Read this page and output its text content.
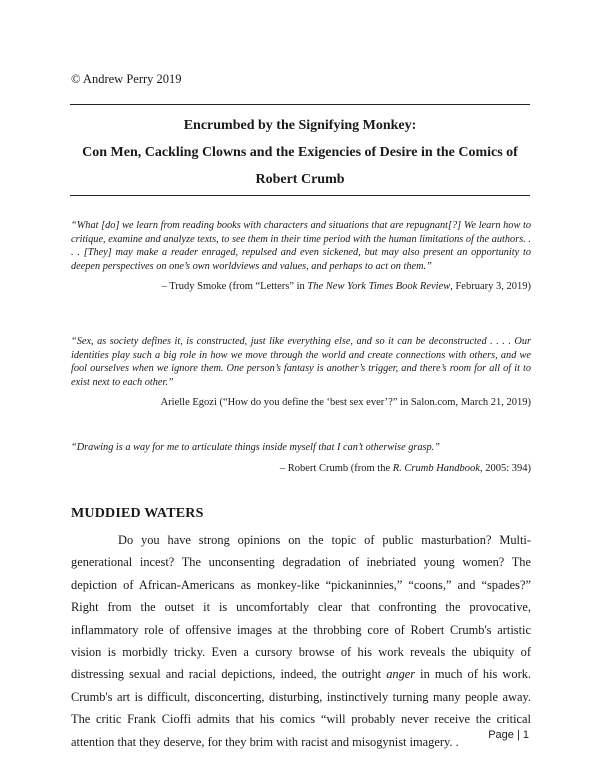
© Andrew Perry 2019

Encrumbed by the Signifying Monkey:
Con Men, Cackling Clowns and the Exigencies of Desire in the Comics of
Robert Crumb

“What [do] we learn from reading books with characters and situations that are repugnant[?] We learn how to critique, examine and analyze texts, to see them in their time period with the human limitations of the authors. . . . [They] may make a reader enraged, repulsed and even sickened, but may also present an opportunity to deepen perspectives on one’s own worldviews and values, and perhaps to act on them.”

– Trudy Smoke (from “Letters” in The New York Times Book Review, February 3, 2019)

“Sex, as society defines it, is constructed, just like everything else, and so it can be deconstructed . . . . Our identities play such a big role in how we move through the world and create connections with others, and we fool ourselves when we ignore them. One person’s fantasy is another’s trigger, and there’s room for all of it to exist next to each other.”

Arielle Egozi (“How do you define the ‘best sex ever’?” in Salon.com, March 21, 2019)

“Drawing is a way for me to articulate things inside myself that I can’t otherwise grasp.”

– Robert Crumb (from the R. Crumb Handbook, 2005: 394)

MUDDIED WATERS

Do you have strong opinions on the topic of public masturbation? Multi-generational incest? The unconsenting degradation of inebriated young women? The depiction of African-Americans as monkey-like “pickaninnies,” “coons,” and “spades?” Right from the outset it is uncomfortably clear that confronting the provocative, inflammatory role of offensive images at the throbbing core of Robert Crumb's artistic vision is morbidly tricky. Even a cursory browse of his work reveals the ubiquity of distressing sexual and racial depictions, indeed, the outright anger in much of his work. Crumb's art is difficult, disconcerting, disturbing, instinctively turning many people away. The critic Frank Cioffi admits that his comics “will probably never receive the critical attention that they deserve, for they brim with racist and misogynist imagery. .	Page | 1
